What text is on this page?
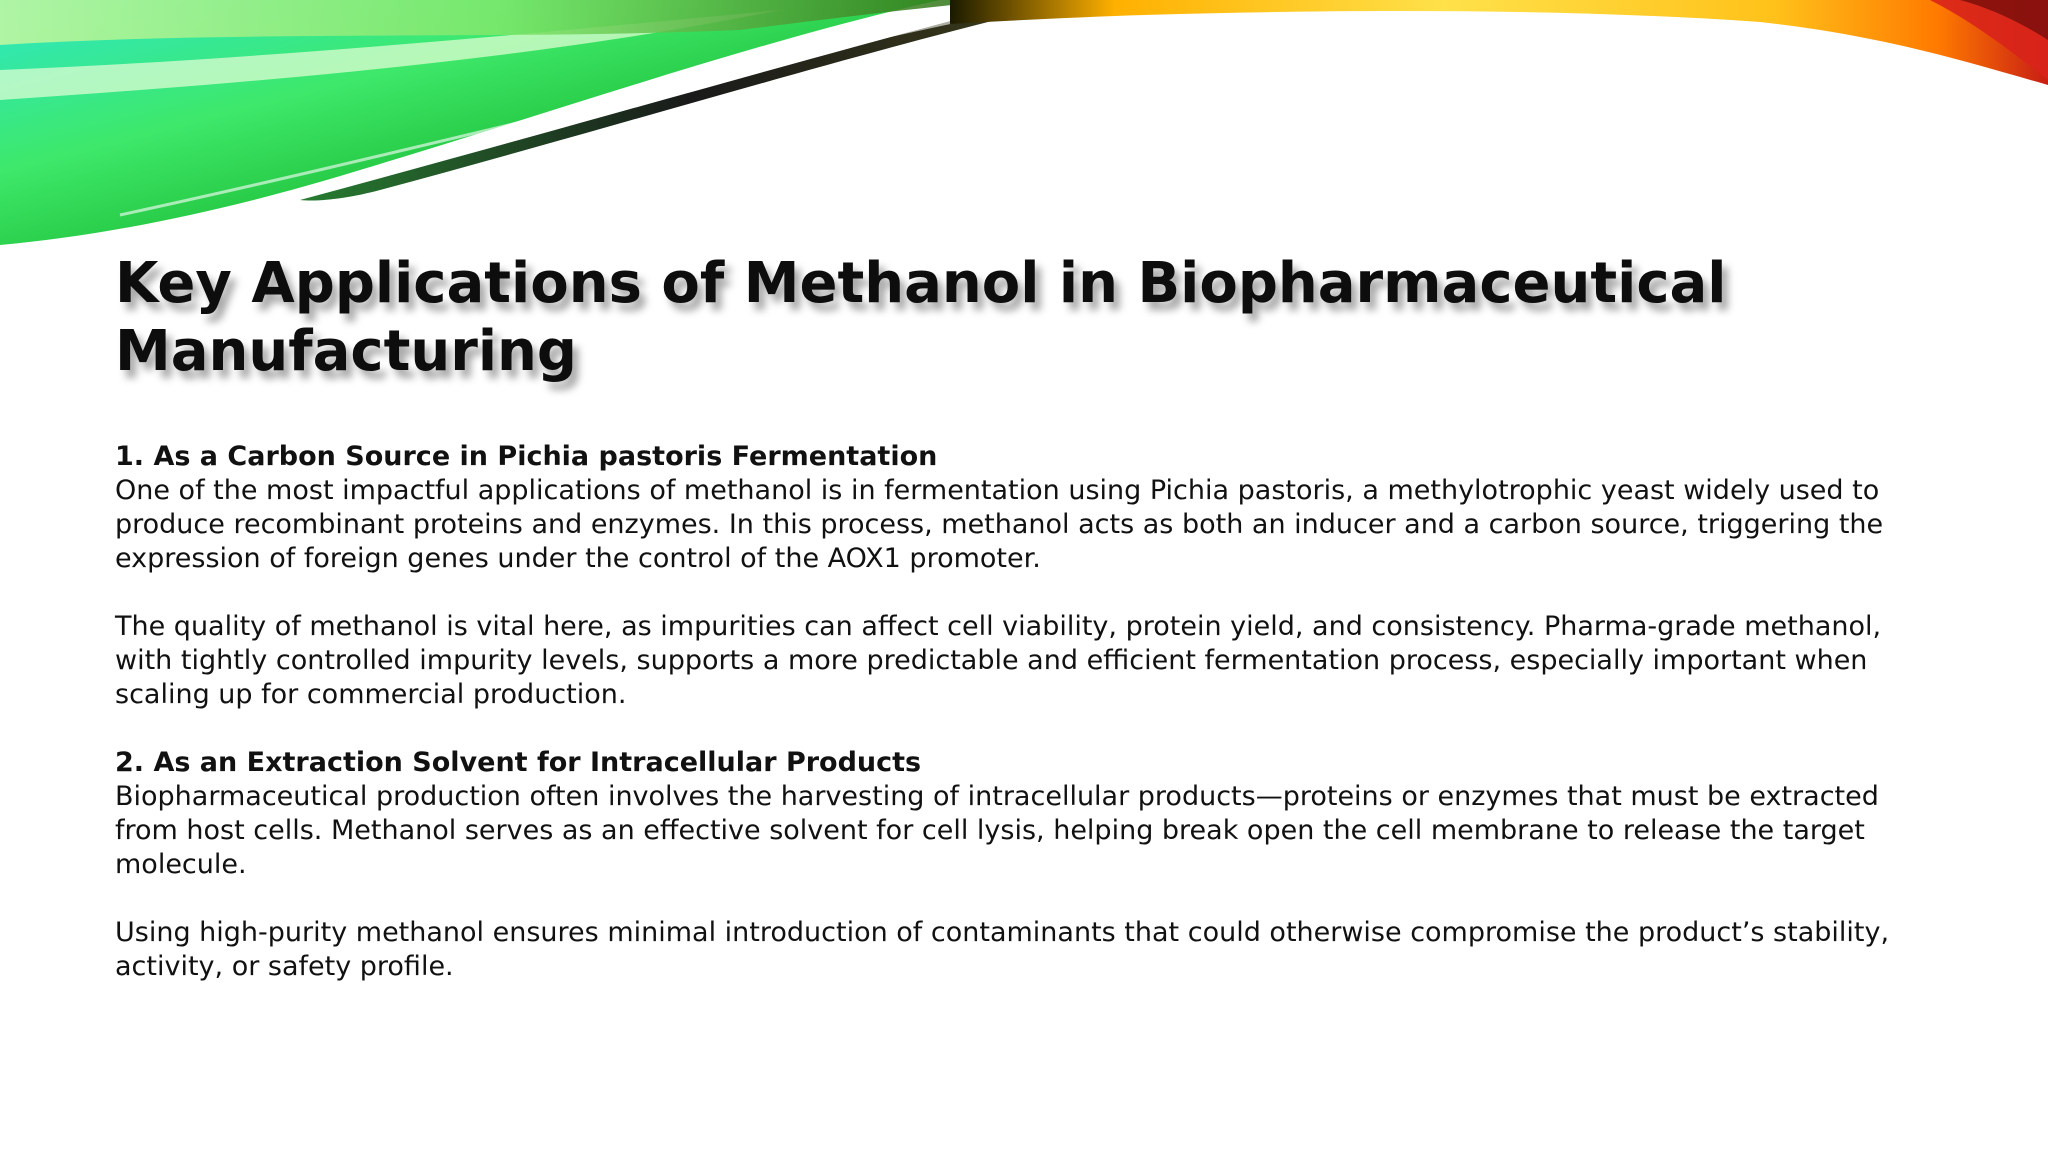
Key Applications of Methanol in Biopharmaceutical Manufacturing

1. As a Carbon Source in Pichia pastoris Fermentation

One of the most impactful applications of methanol is in fermentation using Pichia pastoris, a methylotrophic yeast widely used to produce recombinant proteins and enzymes. In this process, methanol acts as both an inducer and a carbon source, triggering the expression of foreign genes under the control of the AOX1 promoter.

The quality of methanol is vital here, as impurities can affect cell viability, protein yield, and consistency. Pharma-grade methanol, with tightly controlled impurity levels, supports a more predictable and efficient fermentation process, especially important when scaling up for commercial production.

2. As an Extraction Solvent for Intracellular Products

Biopharmaceutical production often involves the harvesting of intracellular products—proteins or enzymes that must be extracted from host cells. Methanol serves as an effective solvent for cell lysis, helping break open the cell membrane to release the target molecule.

Using high-purity methanol ensures minimal introduction of contaminants that could otherwise compromise the product’s stability, activity, or safety profile.
